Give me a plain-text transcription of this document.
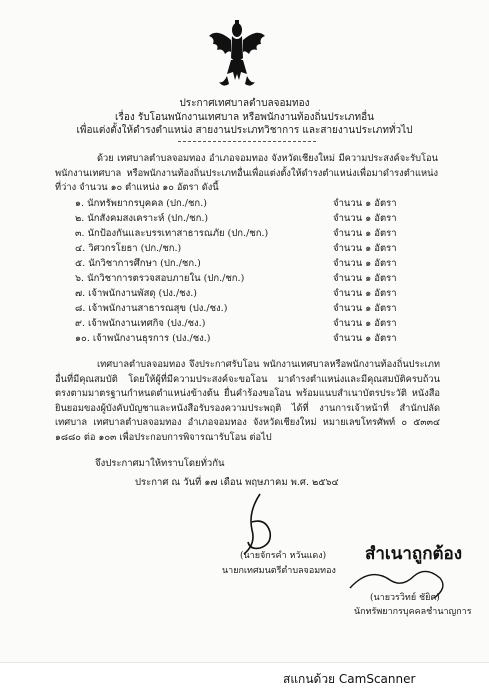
ประกาศเทศบาลตำบลจอมทอง
เรื่อง รับโอนพนักงานเทศบาล หรือพนักงานท้องถิ่นประเภทอื่น
เพื่อแต่งตั้งให้ดำรงตำแหน่ง สายงานประเภทวิชาการ และสายงานประเภททั่วไป
ด้วย เทศบาลตำบลจอมทอง อำเภอจอมทอง จังหวัดเชียงใหม่ มีความประสงค์จะรับโอน พนักงานเทศบาล หรือพนักงานท้องถิ่นประเภทอื่นเพื่อแต่งตั้งให้ดำรงตำแหน่งเพื่อมาดำรงตำแหน่งที่ว่าง จำนวน ๑๐ ตำแหน่ง ๑๐ อัตรา ดังนี้
๑. นักทรัพยากรบุคคล (ปก./ชก.)	จำนวน ๑ อัตรา
๒. นักสังคมสงเคราะห์ (ปก./ชก.)	จำนวน ๑ อัตรา
๓. นักป้องกันและบรรเทาสาธารณภัย (ปก./ชก.)	จำนวน ๑ อัตรา
๔. วิศวกรโยธา (ปก./ชก.)	จำนวน ๑ อัตรา
๕. นักวิชาการศึกษา (ปก./ชก.)	จำนวน ๑ อัตรา
๖. นักวิชาการตรวจสอบภายใน (ปก./ชก.)	จำนวน ๑ อัตรา
๗. เจ้าพนักงานพัสดุ (ปง./ชง.)	จำนวน ๑ อัตรา
๘. เจ้าพนักงานสาธารณสุข (ปง./ชง.)	จำนวน ๑ อัตรา
๙. เจ้าพนักงานเทศกิจ (ปง./ชง.)	จำนวน ๑ อัตรา
๑๐. เจ้าพนักงานธุรการ (ปง./ชง.)	จำนวน ๑ อัตรา
เทศบาลตำบลจอมทอง จึงประกาศรับโอน พนักงานเทศบาลหรือพนักงานท้องถิ่นประเภทอื่นที่มีคุณสมบัติ โดยให้ผู้ที่มีความประสงค์จะขอโอน มาดำรงตำแหน่งและมีคุณสมบัติครบถ้วนตรงตามมาตรฐานกำหนดตำแหน่งข้างต้น ยื่นคำร้องขอโอน พร้อมแนบสำเนาบัตรประวัติ หนังสือยินยอมของผู้บังคับบัญชาและหนังสือรับรองความประพฤติ ได้ที่ งานการเจ้าหน้าที่ สำนักปลัดเทศบาล เทศบาลตำบลจอมทอง อำเภอจอมทอง จังหวัดเชียงใหม่ หมายเลขโทรศัพท์ ๐ ๕๓๓๔ ๑๘๘๐ ต่อ ๑๐๓ เพื่อประกอบการพิจารณารับโอน ต่อไป
จึงประกาศมาให้ทราบโดยทั่วกัน
ประกาศ ณ วันที่ ๑๗ เดือน พฤษภาคม พ.ศ. ๒๕๖๔
(นายจักรคำ หวันแดง)
นายกเทศมนตรีตำบลจอมทอง
สำเนาถูกต้อง
(นายวรวิทย์ ชัยิต)
นักทรัพยากรบุคคลชำนาญการ
สแกนด้วย CamScanner
